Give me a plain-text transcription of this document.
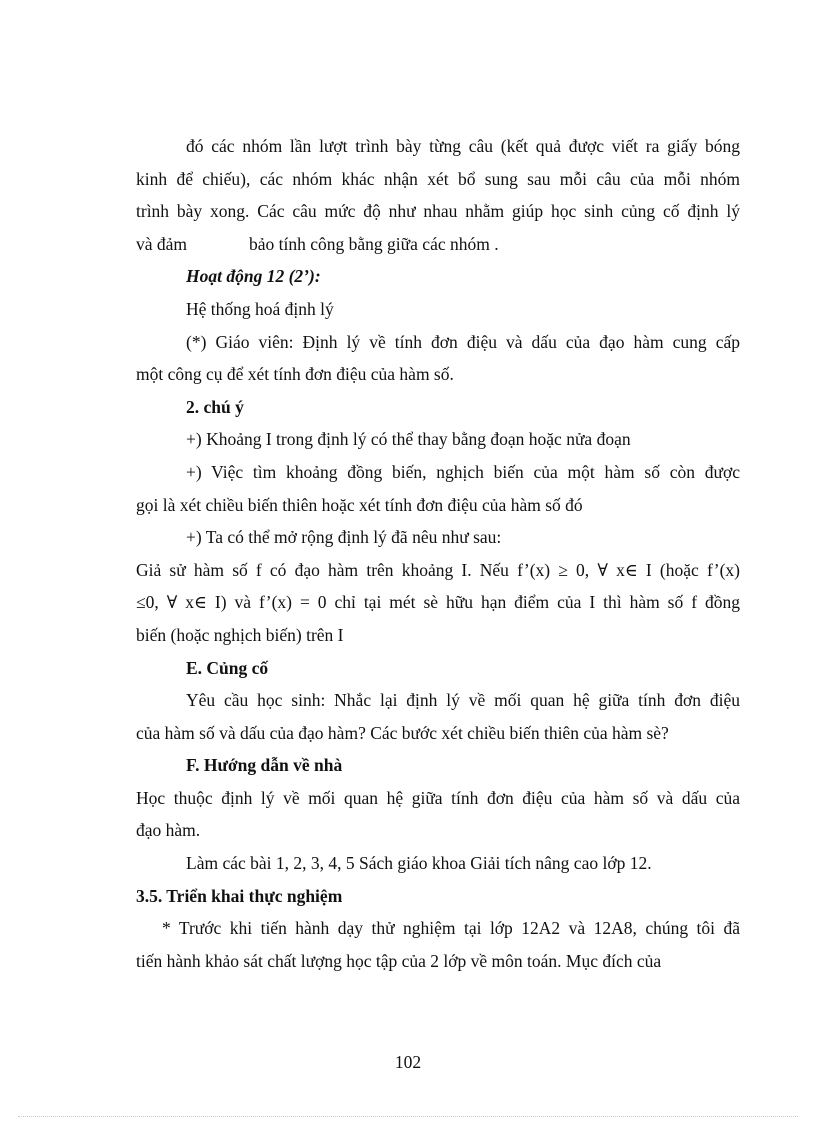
đó các nhóm lần lượt trình bày từng câu (kết quả được viết ra giấy bóng
kinh để chiếu), các nhóm khác nhận xét bổ sung sau mỗi câu của mỗi nhóm
trình bày xong. Các câu mức độ như nhau nhằm giúp học sinh củng cố định lý
và đảm	bảo tính công bằng giữa các nhóm .
Hoạt động 12 (2’):
Hệ thống hoá định lý
(*) Giáo viên: Định lý về tính đơn điệu và dấu của đạo hàm cung cấp
một công cụ để xét tính đơn điệu của hàm số.
2. chú ý
+) Khoảng I trong định lý có thể thay bằng đoạn hoặc nửa đoạn
+) Việc tìm khoảng đồng biến, nghịch biến của một hàm số còn được
gọi là xét chiều biến thiên hoặc xét tính đơn điệu của hàm số đó
+) Ta có thể mở rộng định lý đã nêu như sau:
Giả sử hàm số f có đạo hàm trên khoảng I. Nếu f’(x) ≥ 0, ∀ x∈ I (hoặc f’(x)
≤0, ∀ x∈ I) và f’(x) = 0 chỉ tại mét sè hữu hạn điểm của I thì hàm số f đồng
biến (hoặc nghịch biến) trên I
E. Củng cố
Yêu cầu học sinh: Nhắc lại định lý về mối quan hệ giữa tính đơn điệu
của hàm số và dấu của đạo hàm? Các bước xét chiều biến thiên của hàm sè?
F. Hướng dẫn về nhà
Học thuộc định lý về mối quan hệ giữa tính đơn điệu của hàm số và dấu của
đạo hàm.
Làm các bài 1, 2, 3, 4, 5 Sách giáo khoa Giải tích nâng cao lớp 12.
3.5. Triển khai thực nghiệm
* Trước khi tiến hành dạy thử nghiệm tại lớp 12A2 và 12A8, chúng tôi đã
tiến hành khảo sát chất lượng học tập của 2 lớp về môn toán. Mục đích của
102
